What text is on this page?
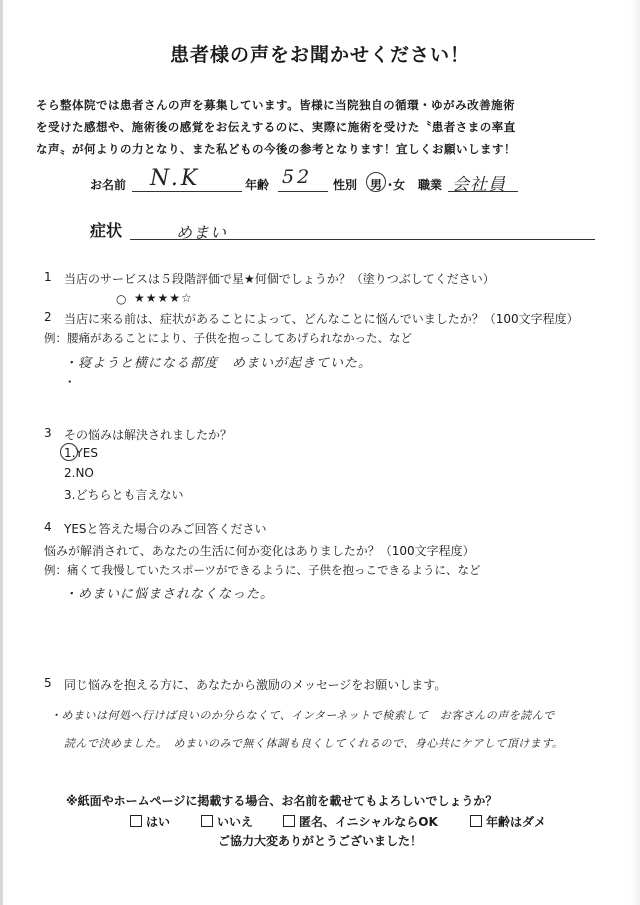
患者様の声をお聞かせください！
そら整体院では患者さんの声を募集しています。皆様に当院独自の循環・ゆがみ改善施術
を受けた感想や、施術後の感覚をお伝えするのに、実際に施術を受けた〝患者さまの率直
な声〟が何よりの力となり、また私どもの今後の参考となります！宜しくお願いします！
お名前 N.K	年齢 52 性別 男 ・
女 職業 会社員
症状	めまい
1 当店のサービスは５段階評価で星★何個でしょうか？（塗りつぶしてください）
○ ★★★★☆
2 当店に来る前は、症状があることによって、どんなことに悩んでいましたか？（100文字程度）
例：腰痛があることにより、子供を抱っこしてあげられなかった、など
・寝ようと横になる都度　めまいが起きていた。
・
3 その悩みは解決されましたか？
1.YES
2.NO
3.どちらとも言えない
4 YESと答えた場合のみご回答ください
悩みが解消されて、あなたの生活に何か変化はありましたか？（100文字程度）
例：痛くて我慢していたスポーツができるように、子供を抱っこできるように、など
・めまいに悩まされなくなった。
5 同じ悩みを抱える方に、あなたから激励のメッセージをお願いします。
・めまいは何処へ行けば良いのか分らなくて、インターネットで検索して　お客さんの声を読んで
読んで決めました。　めまいのみで無く体調も良くしてくれるので、身心共にケアして頂けます。
※紙面やホームページに掲載する場合、お名前を載せてもよろしいでしょうか？
はい	いいえ	匿名、イニシャルならOK	年齢はダメ
ご協力大変ありがとうございました！
